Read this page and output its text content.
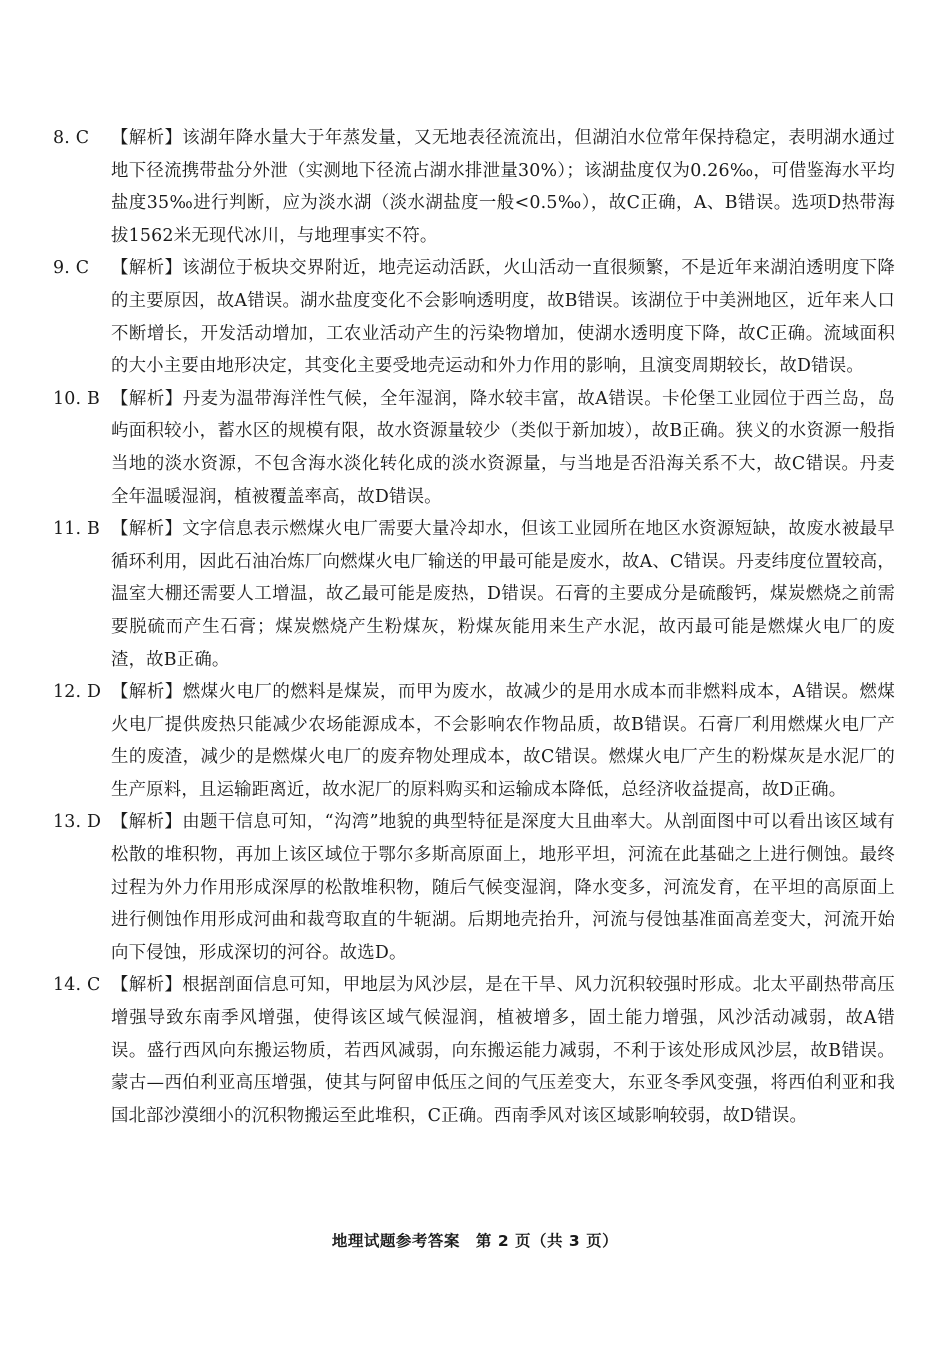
8. C	【解析】该湖年降水量大于年蒸发量，又无地表径流流出，但湖泊水位常年保持稳定，表明湖水通过地下径流携带盐分外泄（实测地下径流占湖水排泄量30%）；该湖盐度仅为0.26‰，可借鉴海水平均盐度35‰进行判断，应为淡水湖（淡水湖盐度一般<0.5‰），故C正确，A、B错误。选项D热带海拔1562米无现代冰川，与地理事实不符。
9. C	【解析】该湖位于板块交界附近，地壳运动活跃，火山活动一直很频繁，不是近年来湖泊透明度下降的主要原因，故A错误。湖水盐度变化不会影响透明度，故B错误。该湖位于中美洲地区，近年来人口不断增长，开发活动增加，工农业活动产生的污染物增加，使湖水透明度下降，故C正确。流域面积的大小主要由地形决定，其变化主要受地壳运动和外力作用的影响，且演变周期较长，故D错误。
10. B 【解析】丹麦为温带海洋性气候，全年湿润，降水较丰富，故A错误。卡伦堡工业园位于西兰岛，岛屿面积较小，蓄水区的规模有限，故水资源量较少（类似于新加坡），故B正确。狭义的水资源一般指当地的淡水资源，不包含海水淡化转化成的淡水资源量，与当地是否沿海关系不大，故C错误。丹麦全年温暖湿润，植被覆盖率高，故D错误。
11. B 【解析】文字信息表示燃煤火电厂需要大量冷却水，但该工业园所在地区水资源短缺，故废水被最早循环利用，因此石油冶炼厂向燃煤火电厂输送的甲最可能是废水，故A、C错误。丹麦纬度位置较高，温室大棚还需要人工增温，故乙最可能是废热，D错误。石膏的主要成分是硫酸钙，煤炭燃烧之前需要脱硫而产生石膏；煤炭燃烧产生粉煤灰，粉煤灰能用来生产水泥，故丙最可能是燃煤火电厂的废渣，故B正确。
12. D 【解析】燃煤火电厂的燃料是煤炭，而甲为废水，故减少的是用水成本而非燃料成本，A错误。燃煤火电厂提供废热只能减少农场能源成本，不会影响农作物品质，故B错误。石膏厂利用燃煤火电厂产生的废渣，减少的是燃煤火电厂的废弃物处理成本，故C错误。燃煤火电厂产生的粉煤灰是水泥厂的生产原料，且运输距离近，故水泥厂的原料购买和运输成本降低，总经济收益提高，故D正确。
13. D 【解析】由题干信息可知，“沟湾”地貌的典型特征是深度大且曲率大。从剖面图中可以看出该区域有松散的堆积物，再加上该区域位于鄂尔多斯高原面上，地形平坦，河流在此基础之上进行侧蚀。最终过程为外力作用形成深厚的松散堆积物，随后气候变湿润，降水变多，河流发育，在平坦的高原面上进行侧蚀作用形成河曲和裁弯取直的牛轭湖。后期地壳抬升，河流与侵蚀基准面高差变大，河流开始向下侵蚀，形成深切的河谷。故选D。
14. C 【解析】根据剖面信息可知，甲地层为风沙层，是在干旱、风力沉积较强时形成。北太平副热带高压增强导致东南季风增强，使得该区域气候湿润，植被增多，固土能力增强，风沙活动减弱，故A错误。盛行西风向东搬运物质，若西风减弱，向东搬运能力减弱，不利于该处形成风沙层，故B错误。蒙古—西伯利亚高压增强，使其与阿留申低压之间的气压差变大，东亚冬季风变强，将西伯利亚和我国北部沙漠细小的沉积物搬运至此堆积，C正确。西南季风对该区域影响较弱，故D错误。
地理试题参考答案　第 2 页（共 3 页）
